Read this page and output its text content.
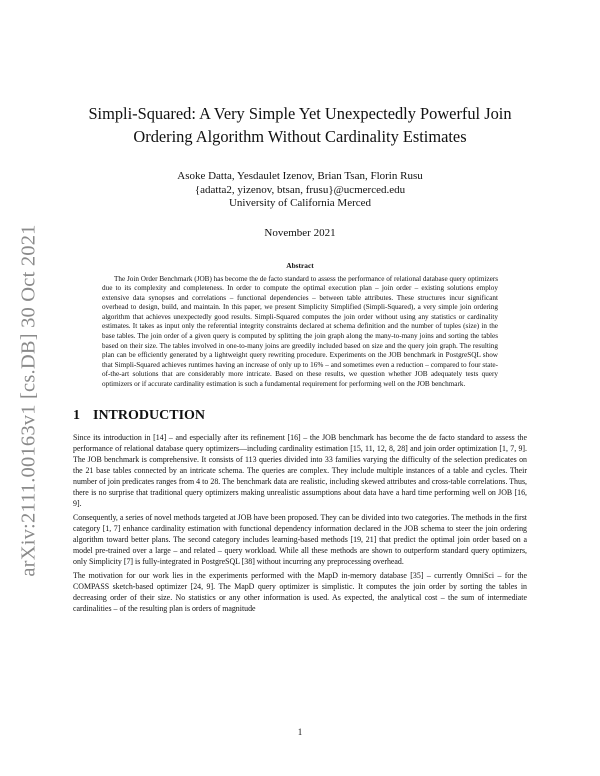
arXiv:2111.00163v1 [cs.DB] 30 Oct 2021
Simpli-Squared: A Very Simple Yet Unexpectedly Powerful Join
Ordering Algorithm Without Cardinality Estimates
Asoke Datta, Yesdaulet Izenov, Brian Tsan, Florin Rusu
{adatta2, yizenov, btsan, frusu}@ucmerced.edu
University of California Merced
November 2021
Abstract

The Join Order Benchmark (JOB) has become the de facto standard to assess the performance of relational database query optimizers due to its complexity and completeness. In order to compute the optimal execution plan – join order – existing solutions employ extensive data synopses and correlations – functional dependencies – between table attributes. These structures incur significant overhead to design, build, and maintain. In this paper, we present Simplicity Simplified (Simpli-Squared), a very simple join ordering algorithm that achieves unexpectedly good results. Simpli-Squared computes the join order without using any statistics or cardinality estimates. It takes as input only the referential integrity constraints declared at schema definition and the number of tuples (size) in the base tables. The join order of a given query is computed by splitting the join graph along the many-to-many joins and sorting the tables based on their size. The tables involved in one-to-many joins are greedily included based on size and the query join graph. The resulting plan can be efficiently generated by a lightweight query rewriting procedure. Experiments on the JOB benchmark in PostgreSQL show that Simpli-Squared achieves runtimes having an increase of only up to 16% – and sometimes even a reduction – compared to four state-of-the-art solutions that are considerably more intricate. Based on these results, we question whether JOB adequately tests query optimizers or if accurate cardinality estimation is such a fundamental requirement for performing well on the JOB benchmark.

1 INTRODUCTION

Since its introduction in [14] – and especially after its refinement [16] – the JOB benchmark has become the de facto standard to assess the performance of relational database query optimizers—including cardinality estimation [15, 11, 12, 8, 28] and join order optimization [1, 7, 9]. The JOB benchmark is comprehensive. It consists of 113 queries divided into 33 families varying the difficulty of the selection predicates on the 21 base tables connected by an intricate schema. The queries are complex. They include multiple instances of a table and cycles. Their number of join predicates ranges from 4 to 28. The benchmark data are realistic, including skewed attributes and cross-table correlations. Thus, there is no surprise that traditional query optimizers making unrealistic assumptions about data have a hard time performing well on JOB [16, 9].

Consequently, a series of novel methods targeted at JOB have been proposed. They can be divided into two categories. The methods in the first category [1, 7] enhance cardinality estimation with functional dependency information declared in the JOB schema to steer the join ordering algorithm toward better plans. The second category includes learning-based methods [19, 21] that predict the optimal join order based on a model pre-trained over a large – and related – query workload. While all these methods are shown to outperform standard query optimizers, only Simplicity [7] is fully-integrated in PostgreSQL [38] without incurring any preprocessing overhead.

The motivation for our work lies in the experiments performed with the MapD in-memory database [35] – currently OmniSci – for the COMPASS sketch-based optimizer [24, 9]. The MapD query optimizer is simplistic. It computes the join order by sorting the tables in decreasing order of their size. No statistics or any other information is used. As expected, the analytical cost – the sum of intermediate cardinalities – of the resulting plan is orders of magnitude

1
